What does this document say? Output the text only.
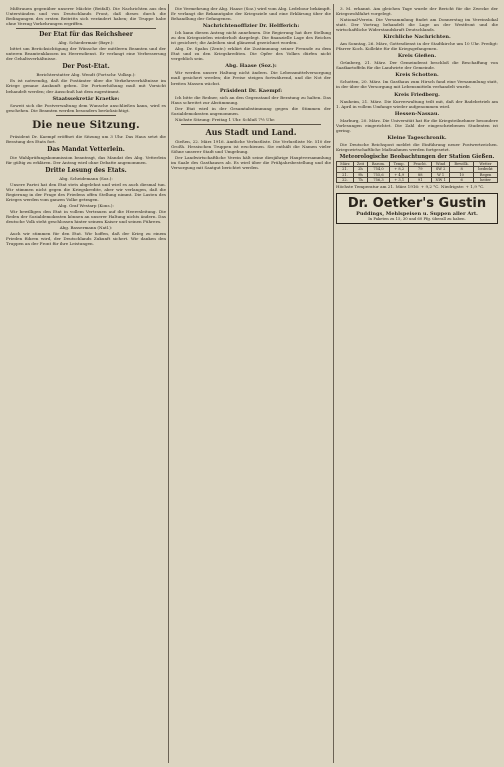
Mißtrauen gegenüber unserer Mächte (Beifall). Die Nachrichten aus den Unterständen und von Deutschlands Front, daß dieses durch die Bedingungen des ersten Beitritts sich verändert haben; die Truppe habe ohne Verzug Vorkehrungen ergriffen.

Der Etat für das Reichsheer
Abg. Schiedermair (Bayr.):

bittet um Berücksichtigung der Wünsche der mittleren Beamten und der unteren Beamtenklassen im Heeresdienst. Er verlangt eine Verbesserung der Gehaltsverhältnisse.

Der Post-Etat.
Berichterstatter Abg. Wendt (Fortschr. Volksp.):

Es ist notwendig, daß die Postämter über die Verkehrsverhältnisse im Kriege genaue Auskunft geben. Die Portoerhöhung muß mit Vorsicht behandelt werden; der Ausschuß hat dem zugestimmt.

Staatssekretär Kraetke:

Soweit sich die Postverwaltung dem Wunsche anschließen kann, wird es geschehen. Die Beamten werden besonders berücksichtigt.

Die neue Sitzung.

Präsident Dr. Kaempf eröffnet die Sitzung um 3 Uhr. Das Haus setzt die Beratung des Etats fort.

Das Mandat Vetterlein.

Die Wahlprüfungskommission beantragt, das Mandat des Abg. Vetterlein für gültig zu erklären. Der Antrag wird ohne Debatte angenommen.

Dritte Lesung des Etats.
Abg. Scheidemann (Soz.):

Unsere Partei hat den Etat stets abgelehnt und wird es auch diesmal tun. Wir stimmen nicht gegen die Kriegskredite, aber wir verlangen, daß die Regierung in der Frage des Friedens offen Stellung nimmt. Die Lasten des Krieges werden vom ganzen Volke getragen.

Abg. Graf Westarp (Kons.):

Wir bewilligen den Etat in vollem Vertrauen auf die Heeresleitung. Die Reden der Sozialdemokraten können an unserer Haltung nichts ändern. Das deutsche Volk steht geschlossen hinter seinem Kaiser und seinen Führern.

Abg. Bassermann (Natl.):

Auch wir stimmen für den Etat. Wir hoffen, daß der Krieg zu einem Frieden führen wird, der Deutschlands Zukunft sichert. Wir danken den Truppen an der Front für ihre Leistungen.

Die Vermehrung der Abg. Haase (Soz.) wird vom Abg. Ledebour bekämpft. Er verlangt die Bekanntgabe der Kriegsziele und eine Erklärung über die Behandlung der Gefangenen.

Nachrichtenoffizier Dr. Helfferich:

Ich kann diesen Antrag nicht annehmen. Die Regierung hat ihre Stellung zu den Kriegszielen wiederholt dargelegt. Die finanzielle Lage des Reiches ist gesichert; die Anleihen sind glänzend gezeichnet worden.

Abg. Dr. Spahn (Zentr.) erklärt die Zustimmung seiner Freunde zu dem Etat und zu den Kriegskrediten. Die Opfer des Volkes dürfen nicht vergeblich sein.

Abg. Haase (Soz.):

Wir werden unsere Haltung nicht ändern. Die Lebensmittelversorgung muß gesichert werden; die Preise steigen fortwährend, und die Not der breiten Massen wächst.

Präsident Dr. Kaempf:

Ich bitte die Redner, sich an den Gegenstand der Beratung zu halten. Das Haus schreitet zur Abstimmung.

Der Etat wird in der Gesamtabstimmung gegen die Stimmen der Sozialdemokraten angenommen.

Nächste Sitzung: Freitag 1 Uhr. Schluß 7½ Uhr.

Aus Stadt und Land.

Gießen, 22. März 1916. Amtliche Verlustliste. Die Verlustliste Nr. 510 der Großh. Hessischen Truppen ist erschienen. Sie enthält die Namen vieler Söhne unserer Stadt und Umgebung.

Der Landwirtschaftliche Verein hält seine diesjährige Hauptversammlung im Saale des Gasthauses ab. Es wird über die Frühjahrsbestellung und die Versorgung mit Saatgut berichtet werden.

3. M. erkannt. Am gleichen Tage wurde der Bericht für die Zwecke der Kriegswohlfahrt vorgelegt.

National-Verein. Die Versammlung findet am Donnerstag im Vereinslokal statt. Der Vortrag behandelt die Lage an der Westfront und die wirtschaftliche Widerstandskraft Deutschlands.

Kirchliche Nachrichten.

Am Sonntag, 26. März, Gottesdienst in der Stadtkirche um 10 Uhr. Predigt: Pfarrer Koch. Kollekte für die Kriegsgefangenen.

Kreis Gießen.

Grünberg, 21. März. Der Gemeinderat beschloß die Beschaffung von Saatkartoffeln für die Landwirte der Gemeinde.

Kreis Schotten.

Schotten, 20. März. Im Gasthaus zum Hirsch fand eine Versammlung statt, in der über die Versorgung mit Lebensmitteln verhandelt wurde.

Kreis Friedberg.

Nauheim, 21. März. Die Kurverwaltung teilt mit, daß der Badebetrieb am 1. April in vollem Umfange wieder aufgenommen wird.

Hessen-Nassau.

Marburg, 20. März. Die Universität hat für die Kriegsteilnehmer besondere Vorlesungen eingerichtet. Die Zahl der eingeschriebenen Studenten ist gering.

Kleine Tageschronik.

Die Deutsche Reichspost meldet die Einführung neuer Postwertzeichen. Kriegswirtschaftliche Maßnahmen werden fortgesetzt.

Meteorologische Beobachtungen der Station Gießen.
März	Zeit	Barom.	Temp.	Feucht.	Wind	Bewölk.	Wetter
21.	2h	754,0	+ 8,2	79	SW 2	8	bedeckt
21.	9h	755,6	+ 4,9	88	W 1	10	Regen
22.	7h	756,3	+ 3,1	91	NW 1	6	heiter

Höchste Temperatur am 21. März 1916: + 9,2 °C. Niedrigste: + 1,9 °C.

Dr. Oetker's Gustin
Puddings, Mehlspeisen u. Suppen aller Art.
In Paketen zu 15, 30 und 60 Pfg. überall zu haben.
